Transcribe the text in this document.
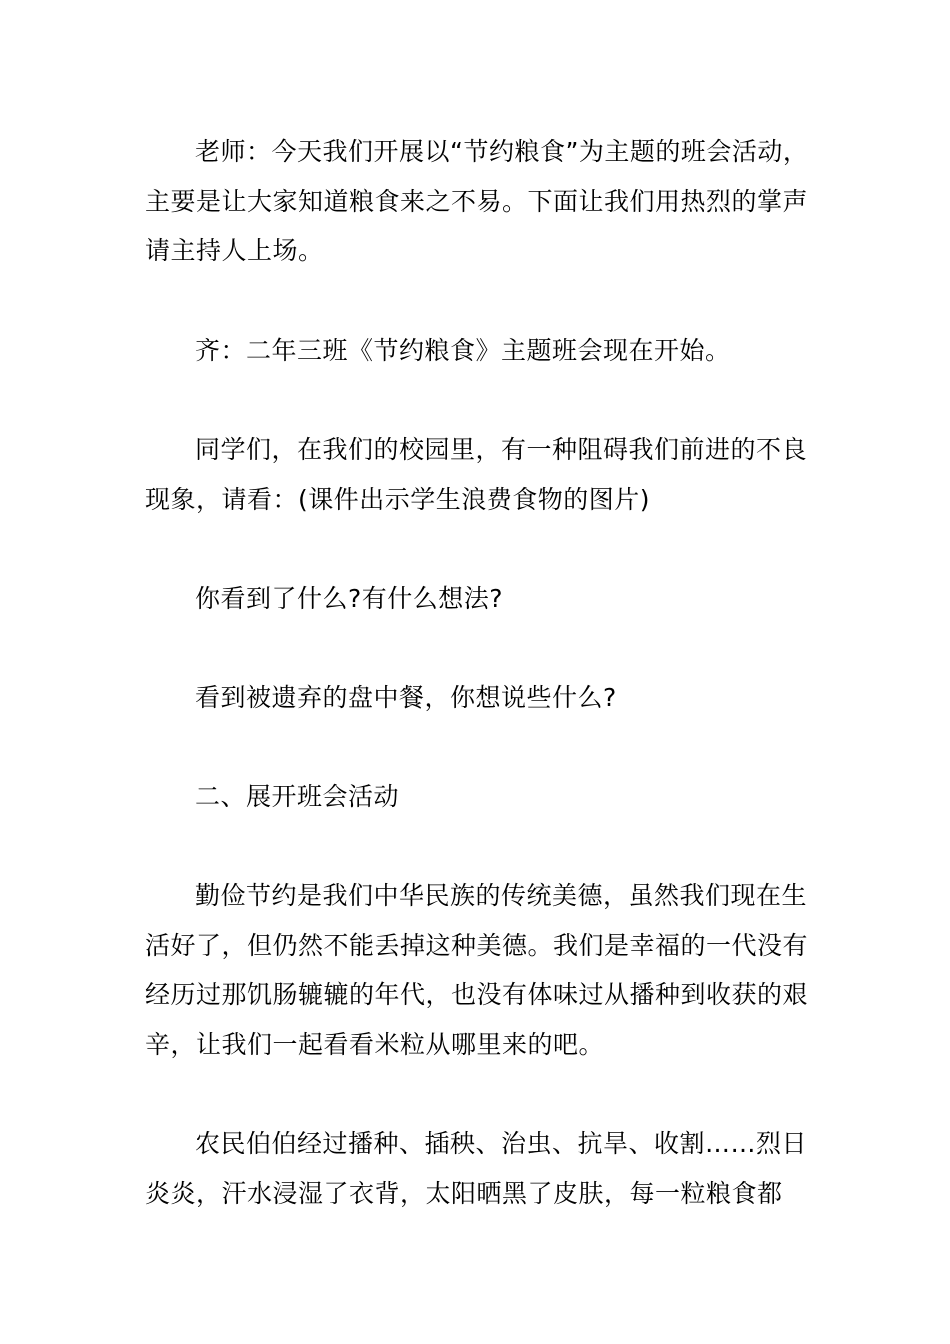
老师：今天我们开展以“节约粮食”为主题的班会活动，主要是让大家知道粮食来之不易。下面让我们用热烈的掌声请主持人上场。

齐：二年三班《节约粮食》主题班会现在开始。

同学们，在我们的校园里，有一种阻碍我们前进的不良现象，请看：(课件出示学生浪费食物的图片)

你看到了什么?有什么想法?

看到被遗弃的盘中餐，你想说些什么?

二、展开班会活动

勤俭节约是我们中华民族的传统美德，虽然我们现在生活好了，但仍然不能丢掉这种美德。我们是幸福的一代没有经历过那饥肠辘辘的年代，也没有体味过从播种到收获的艰辛，让我们一起看看米粒从哪里来的吧。

农民伯伯经过播种、插秧、治虫、抗旱、收割……烈日炎炎，汗水浸湿了衣背，太阳晒黑了皮肤，每一粒粮食都
